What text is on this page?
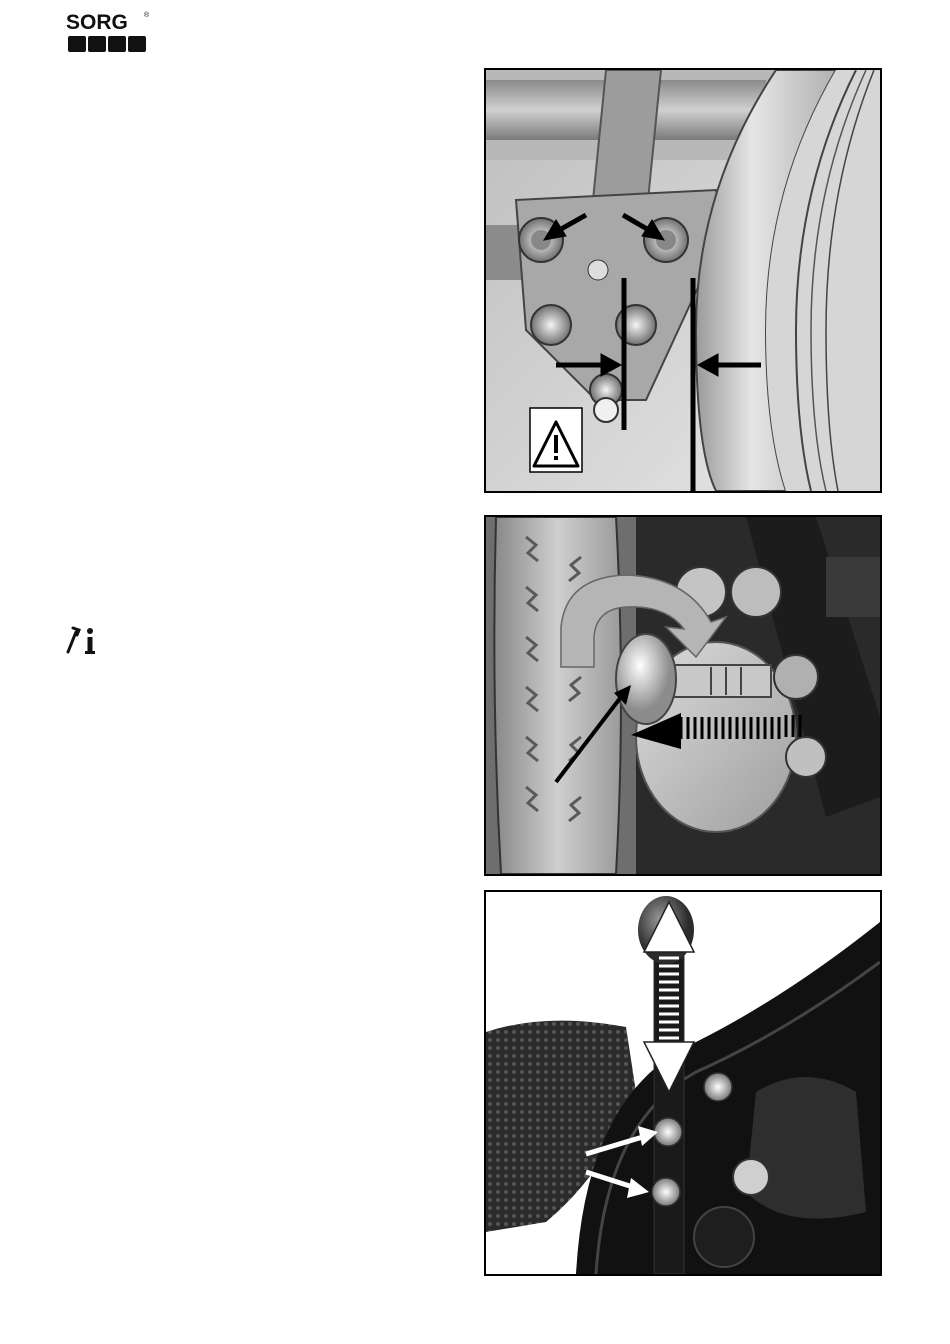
SORG ®
